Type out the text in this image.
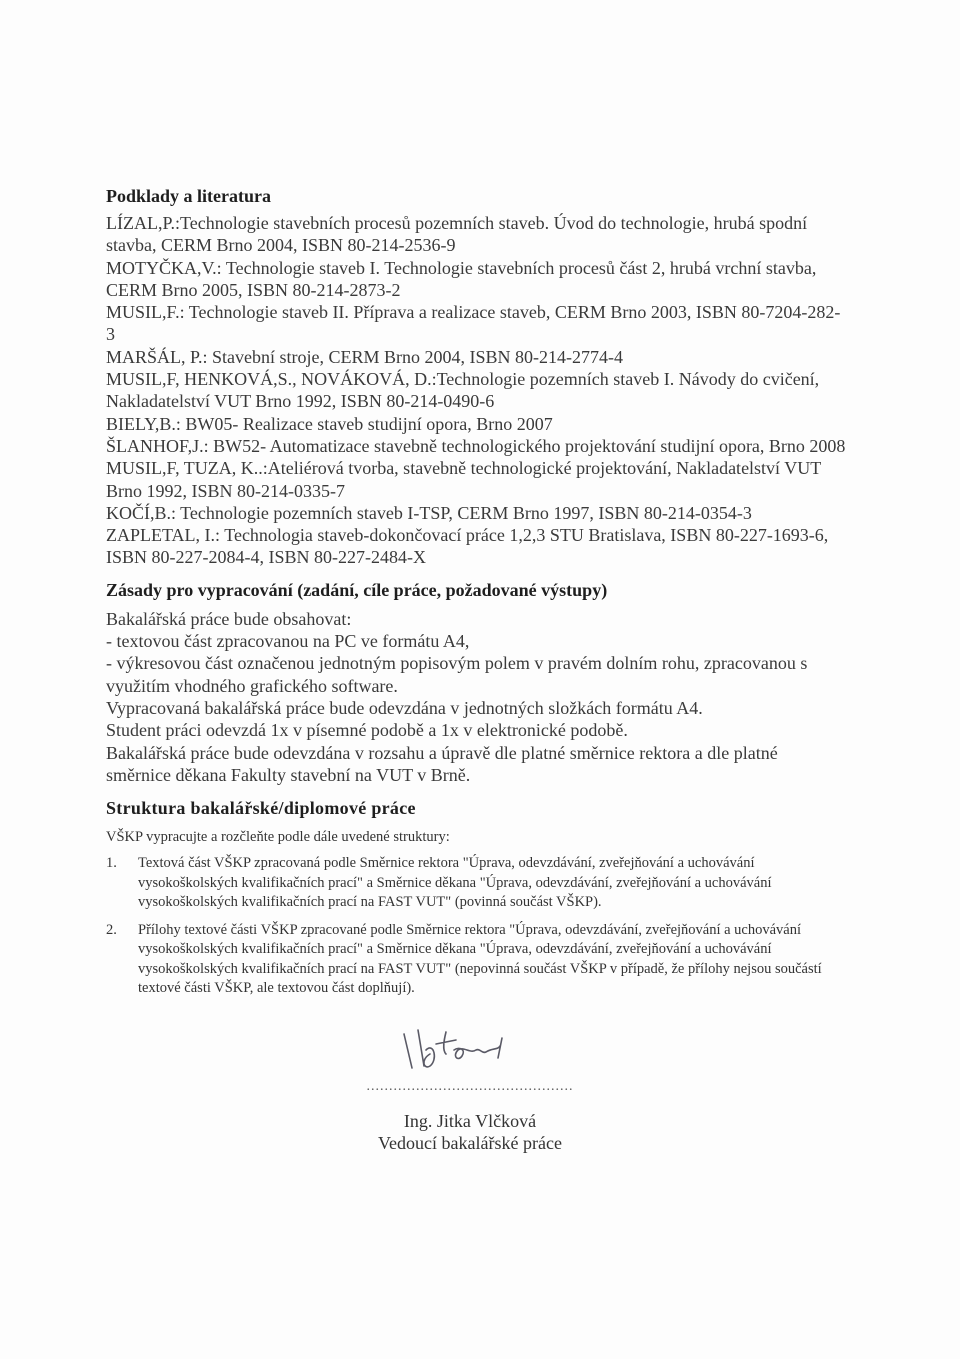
Podklady a literatura

LÍZAL,P.:Technologie stavebních procesů pozemních staveb. Úvod do technologie, hrubá spodní stavba, CERM Brno 2004, ISBN 80-214-2536-9

MOTYČKA,V.: Technologie staveb I. Technologie stavebních procesů část 2, hrubá vrchní stavba, CERM Brno 2005, ISBN 80-214-2873-2

MUSIL,F.: Technologie staveb II. Příprava a realizace staveb, CERM Brno 2003, ISBN 80-7204-282-3

MARŠÁL, P.: Stavební stroje, CERM Brno 2004, ISBN 80-214-2774-4

MUSIL,F, HENKOVÁ,S., NOVÁKOVÁ, D.:Technologie pozemních staveb I. Návody do cvičení, Nakladatelství VUT Brno 1992, ISBN 80-214-0490-6

BIELY,B.: BW05- Realizace staveb studijní opora, Brno 2007

ŠLANHOF,J.: BW52- Automatizace stavebně technologického projektování studijní opora, Brno 2008

MUSIL,F, TUZA, K..:Ateliérová tvorba, stavebně technologické projektování, Nakladatelství VUT Brno 1992, ISBN 80-214-0335-7

KOČÍ,B.: Technologie pozemních staveb I-TSP, CERM Brno 1997, ISBN 80-214-0354-3

ZAPLETAL, I.: Technologia staveb-dokončovací práce 1,2,3 STU Bratislava, ISBN 80-227-1693-6, ISBN 80-227-2084-4, ISBN 80-227-2484-X

Zásady pro vypracování (zadání, cíle práce, požadované výstupy)

Bakalářská práce bude obsahovat:

- textovou část zpracovanou na PC ve formátu A4,

- výkresovou část označenou jednotným popisovým polem v pravém dolním rohu, zpracovanou s využitím vhodného grafického software.

Vypracovaná bakalářská práce bude odevzdána v jednotných složkách formátu A4.

Student práci odevzdá 1x v písemné podobě a 1x v elektronické podobě.

Bakalářská práce bude odevzdána v rozsahu a úpravě dle platné směrnice rektora a dle platné směrnice děkana Fakulty stavební na VUT v Brně.

Struktura bakalářské/diplomové práce

VŠKP vypracujte a rozčleňte podle dále uvedené struktury:

1.	Textová část VŠKP zpracovaná podle Směrnice rektora "Úprava, odevzdávání, zveřejňování a uchovávání vysokoškolských kvalifikačních prací" a Směrnice děkana "Úprava, odevzdávání, zveřejňování a uchovávání vysokoškolských kvalifikačních prací na FAST VUT" (povinná součást VŠKP).
2.	Přílohy textové části VŠKP zpracované podle Směrnice rektora "Úprava, odevzdávání, zveřejňování a uchovávání vysokoškolských kvalifikačních prací" a Směrnice děkana "Úprava, odevzdávání, zveřejňování a uchovávání vysokoškolských kvalifikačních prací na FAST VUT" (nepovinná součást VŠKP v případě, že přílohy nejsou součástí textové části VŠKP, ale textovou část doplňují).
..............................................
Ing. Jitka Vlčková
Vedoucí bakalářské práce
